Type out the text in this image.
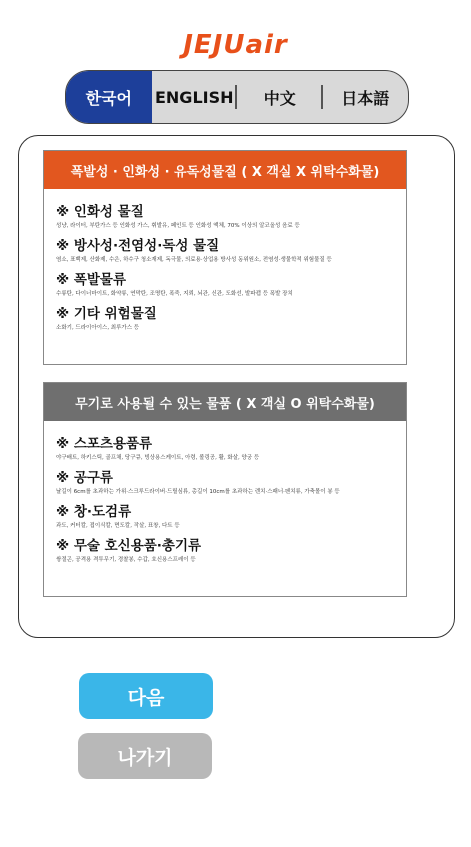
JEJUair
한국어 ENGLISH 中文	日本語
폭발성 · 인화성 · 유독성물질 ( X 객실 X 위탁수화물)
※ 인화성 물질
성냥, 라이터, 부탄가스 등 인화성 가스, 휘발유, 페인트 등 인화성 액체, 70% 이상의 알코올성 음료 등
※ 방사성·전염성·독성 물질
염소, 표백제, 산화제, 수은, 하수구 청소재제, 독극물, 의료용·상업용 방사성 동위원소, 전염성·생물학적 위험물질 등
※ 폭발물류
수류탄, 다이너마이트, 화약류, 연막탄, 조명탄, 폭죽, 지뢰, 뇌관, 신관, 도화선, 발파캡 등 폭발 장치
※ 기타 위험물질
소화기, 드라이아이스, 최루가스 등
무기로 사용될 수 있는 물품 ( X 객실 O 위탁수화물)
※ 스포츠용품류
야구배트, 하키스틱, 골프채, 당구큐, 빙상용스케이트, 아령, 볼링공, 활, 화살, 양궁 등
※ 공구류
날길이 6cm를 초과하는 가위·스크루드라이버·드릴심류, 총길이 10cm를 초과하는 렌치·스패너·펜치류, 가축몰이 봉 등
※ 창·도검류
과도, 커터칼, 접이식칼, 면도칼, 작살, 표창, 다트 등
※ 무술 호신용품·총기류
쌍절곤, 공격용 격투무기, 경찰봉, 수갑, 호신용스프레이 등
다음
나가기
